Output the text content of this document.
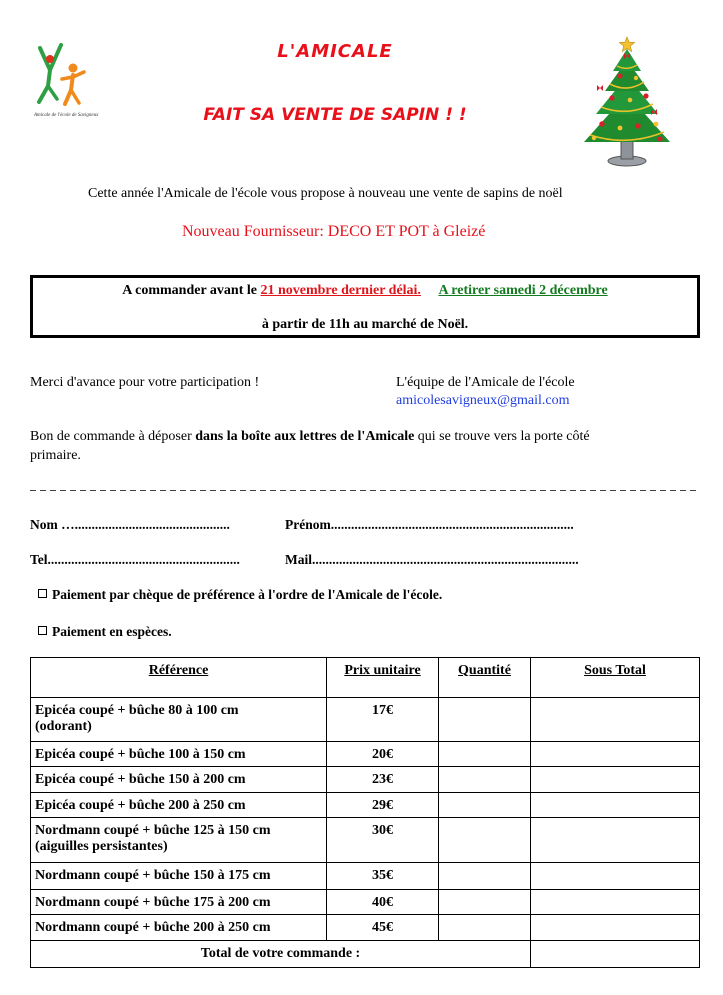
Amicale de l'école de Savigneux
L'AMICALE
FAIT SA VENTE DE SAPIN ! !
Cette année l'Amicale de l'école vous propose à nouveau une vente de sapins de noël
Nouveau Fournisseur: DECO ET POT à Gleizé
A commander avant le 21 novembre dernier délai. A retirer samedi 2 décembre
à partir de 11h au marché de Noël.
Merci d'avance pour votre participation !	L'équipe de l'Amicale de l'école
amicolesavigneux@gmail.com
Bon de commande à déposer dans la boîte aux lettres de l'Amicale qui se trouve vers la porte côté
primaire.
Nom …..............................................	Prénom........................................................................
Tel.........................................................	Mail...............................................................................
Paiement par chèque de préférence à l'ordre de l'Amicale de l'école.
Paiement en espèces.
Référence	Prix unitaire	Quantité	Sous Total
Epicéa coupé + bûche 80 à 100 cm
(odorant)	17€		
Epicéa coupé + bûche 100 à 150 cm	20€		
Epicéa coupé + bûche 150 à 200 cm	23€		
Epicéa coupé + bûche 200 à 250 cm	29€		
Nordmann coupé + bûche 125 à 150 cm
(aiguilles persistantes)	30€		
Nordmann coupé + bûche 150 à 175 cm	35€		
Nordmann coupé + bûche 175 à 200 cm	40€		
Nordmann coupé + bûche 200 à 250 cm	45€		
Total de votre commande :			
